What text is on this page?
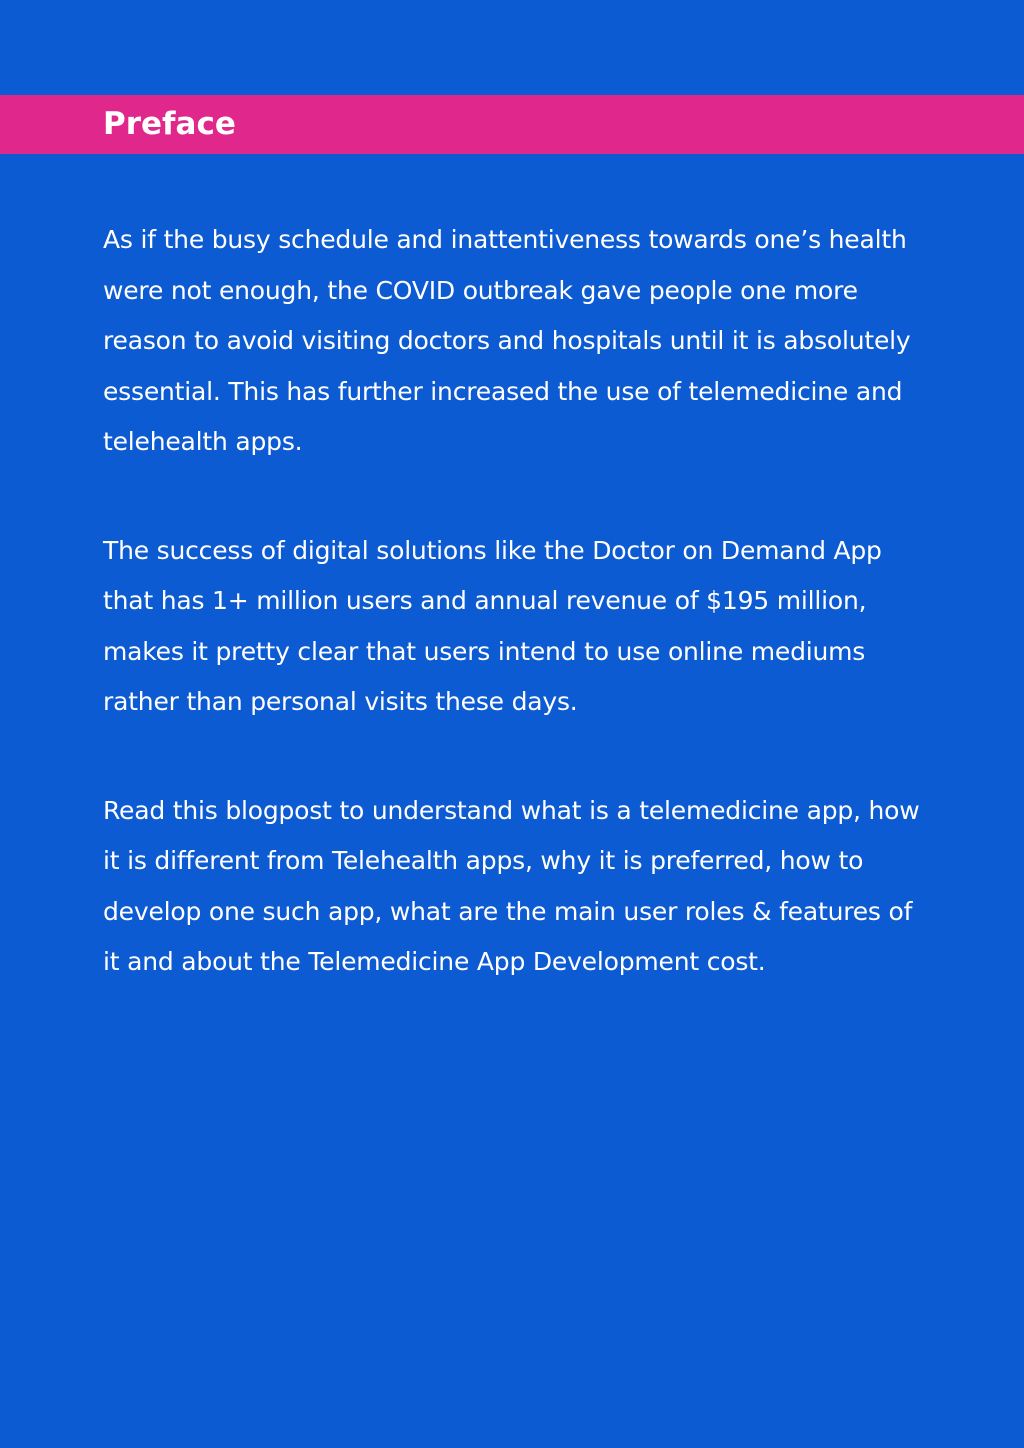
Preface

As if the busy schedule and inattentiveness towards one’s health were not enough, the COVID outbreak gave people one more reason to avoid visiting doctors and hospitals until it is absolutely essential. This has further increased the use of telemedicine and telehealth apps.

The success of digital solutions like the Doctor on Demand App that has 1+ million users and annual revenue of $195 million, makes it pretty clear that users intend to use online mediums rather than personal visits these days.

Read this blogpost to understand what is a telemedicine app, how it is different from Telehealth apps, why it is preferred, how to develop one such app, what are the main user roles & features of it and about the Telemedicine App Development cost.
